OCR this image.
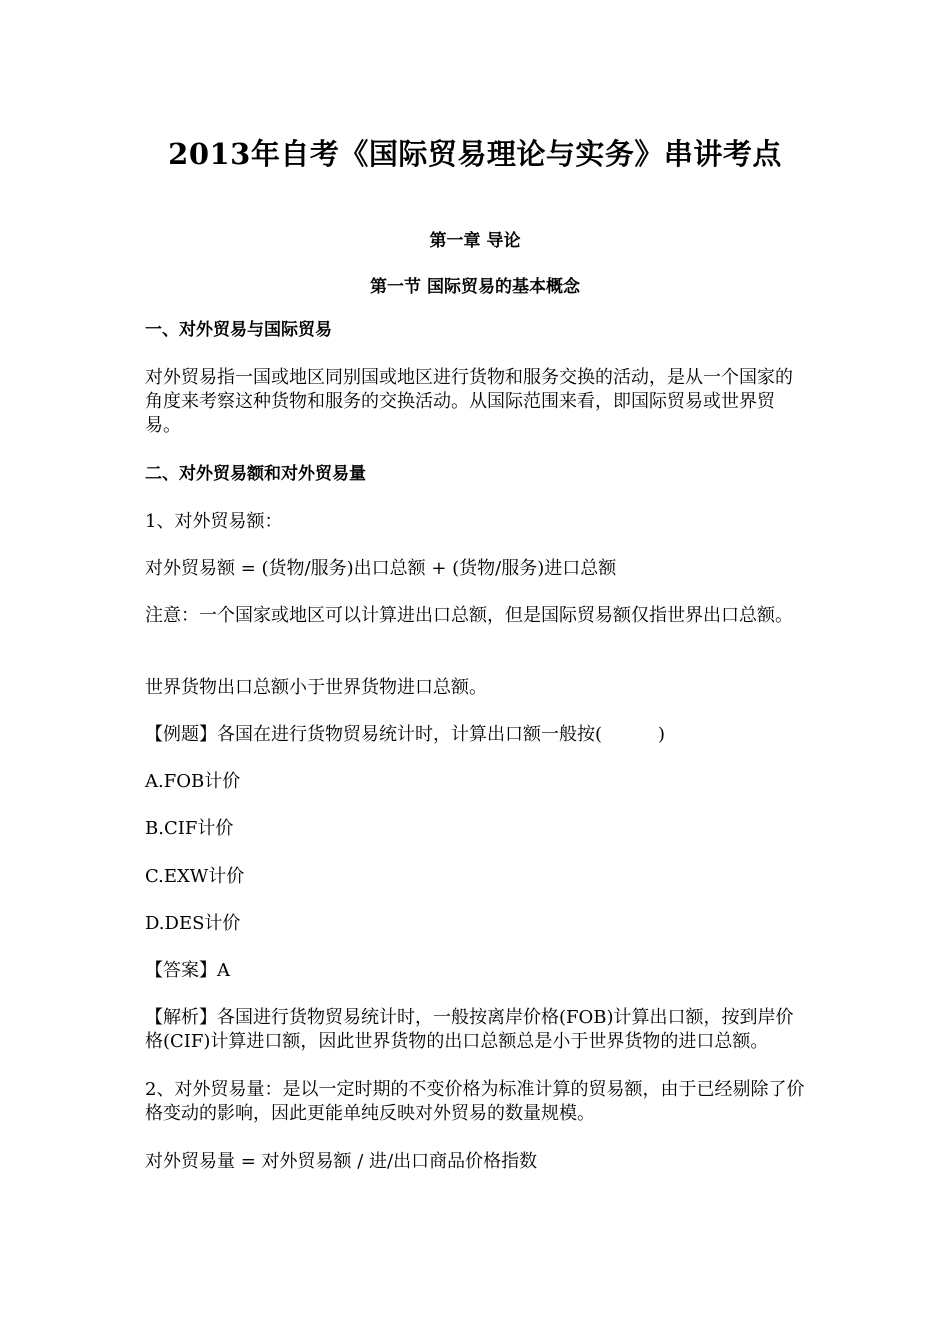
2013年自考《国际贸易理论与实务》串讲考点
第一章 导论
第一节 国际贸易的基本概念
一、对外贸易与国际贸易
对外贸易指一国或地区同别国或地区进行货物和服务交换的活动，是从一个国家的角度来考察这种货物和服务的交换活动。从国际范围来看，即国际贸易或世界贸易。
二、对外贸易额和对外贸易量
1、对外贸易额：
对外贸易额 = (货物/服务)出口总额 + (货物/服务)进口总额
注意：一个国家或地区可以计算进出口总额，但是国际贸易额仅指世界出口总额。
世界货物出口总额小于世界货物进口总额。
【例题】各国在进行货物贸易统计时，计算出口额一般按(	)
A.FOB计价
B.CIF计价
C.EXW计价
D.DES计价
【答案】A
【解析】各国进行货物贸易统计时，一般按离岸价格(FOB)计算出口额，按到岸价格(CIF)计算进口额，因此世界货物的出口总额总是小于世界货物的进口总额。
2、对外贸易量：是以一定时期的不变价格为标准计算的贸易额，由于已经剔除了价格变动的影响，因此更能单纯反映对外贸易的数量规模。
对外贸易量 = 对外贸易额 / 进/出口商品价格指数
